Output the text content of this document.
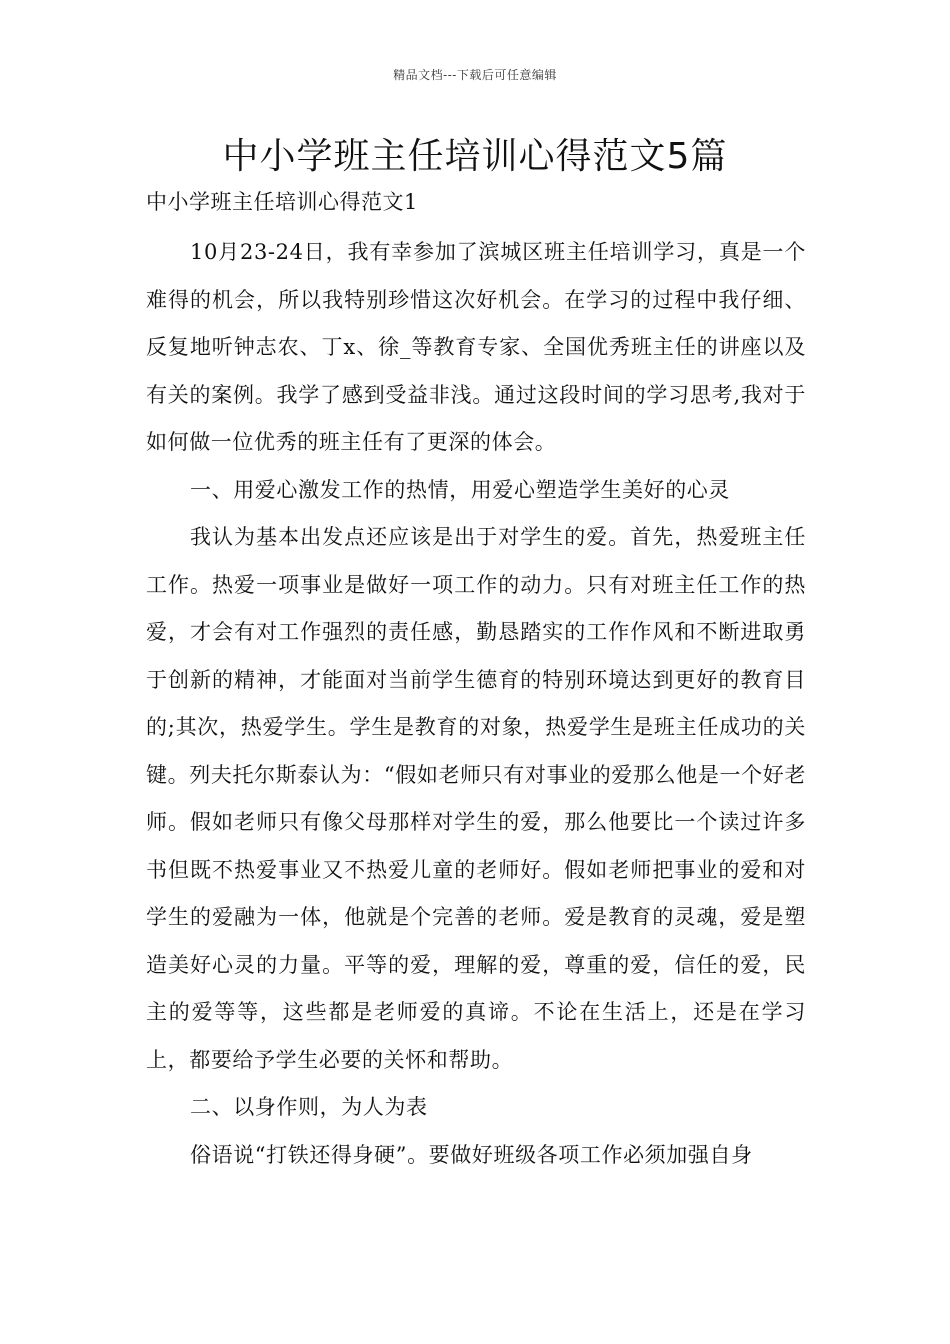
精品文档---下载后可任意编辑
中小学班主任培训心得范文5篇
中小学班主任培训心得范文1

10月23-24日，我有幸参加了滨城区班主任培训学习，真是一个难得的机会，所以我特别珍惜这次好机会。在学习的过程中我仔细、反复地听钟志农、丁x、徐_等教育专家、全国优秀班主任的讲座以及有关的案例。我学了感到受益非浅。通过这段时间的学习思考,我对于如何做一位优秀的班主任有了更深的体会。

一、用爱心激发工作的热情，用爱心塑造学生美好的心灵

我认为基本出发点还应该是出于对学生的爱。首先，热爱班主任工作。热爱一项事业是做好一项工作的动力。只有对班主任工作的热爱，才会有对工作强烈的责任感，勤恳踏实的工作作风和不断进取勇于创新的精神，才能面对当前学生德育的特别环境达到更好的教育目的;其次，热爱学生。学生是教育的对象，热爱学生是班主任成功的关键。列夫托尔斯泰认为：“假如老师只有对事业的爱那么他是一个好老师。假如老师只有像父母那样对学生的爱，那么他要比一个读过许多书但既不热爱事业又不热爱儿童的老师好。假如老师把事业的爱和对学生的爱融为一体，他就是个完善的老师。爱是教育的灵魂，爱是塑造美好心灵的力量。平等的爱，理解的爱，尊重的爱，信任的爱，民主的爱等等，这些都是老师爱的真谛。不论在生活上，还是在学习上，都要给予学生必要的关怀和帮助。

二、以身作则，为人为表

俗语说“打铁还得身硬”。要做好班级各项工作必须加强自身
